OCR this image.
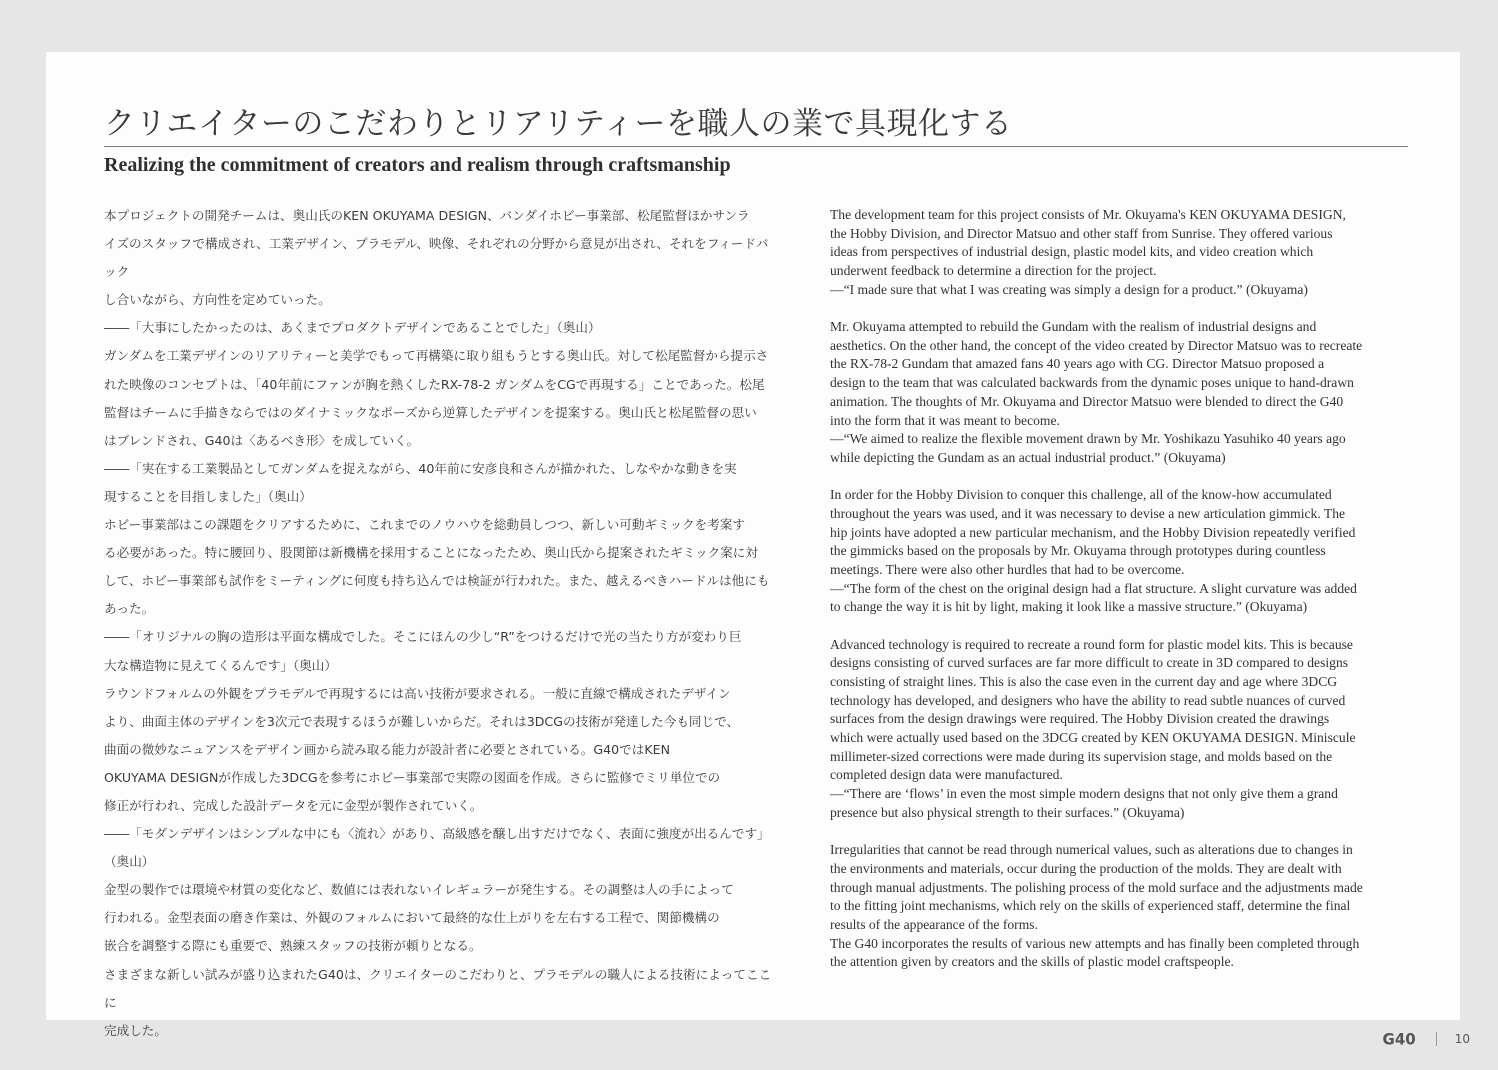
クリエイターのこだわりとリアリティーを職人の業で具現化する
Realizing the commitment of creators and realism through craftsmanship

本プロジェクトの開発チームは、奥山氏のKEN OKUYAMA DESIGN、バンダイホビー事業部、松尾監督ほかサンラ

イズのスタッフで構成され、工業デザイン、プラモデル、映像、それぞれの分野から意見が出され、それをフィードバック

し合いながら、方向性を定めていった。

――「大事にしたかったのは、あくまでプロダクトデザインであることでした」（奥山）

ガンダムを工業デザインのリアリティーと美学でもって再構築に取り組もうとする奥山氏。対して松尾監督から提示さ

れた映像のコンセプトは、「40年前にファンが胸を熱くしたRX-78-2 ガンダムをCGで再現する」ことであった。松尾

監督はチームに手描きならではのダイナミックなポーズから逆算したデザインを提案する。奥山氏と松尾監督の思い

はブレンドされ、G40は〈あるべき形〉を成していく。

――「実在する工業製品としてガンダムを捉えながら、40年前に安彦良和さんが描かれた、しなやかな動きを実

現することを目指しました」（奥山）

ホビー事業部はこの課題をクリアするために、これまでのノウハウを総動員しつつ、新しい可動ギミックを考案す

る必要があった。特に腰回り、股関節は新機構を採用することになったため、奥山氏から提案されたギミック案に対

して、ホビー事業部も試作をミーティングに何度も持ち込んでは検証が行われた。また、越えるべきハードルは他にも

あった。

――「オリジナルの胸の造形は平面な構成でした。そこにほんの少し“R”をつけるだけで光の当たり方が変わり巨

大な構造物に見えてくるんです」（奥山）

ラウンドフォルムの外観をプラモデルで再現するには高い技術が要求される。一般に直線で構成されたデザイン

より、曲面主体のデザインを3次元で表現するほうが難しいからだ。それは3DCGの技術が発達した今も同じで、

曲面の微妙なニュアンスをデザイン画から読み取る能力が設計者に必要とされている。G40ではKEN

OKUYAMA DESIGNが作成した3DCGを参考にホビー事業部で実際の図面を作成。さらに監修でミリ単位での

修正が行われ、完成した設計データを元に金型が製作されていく。

――「モダンデザインはシンプルな中にも〈流れ〉があり、高級感を醸し出すだけでなく、表面に強度が出るんです」

（奥山）

金型の製作では環境や材質の変化など、数値には表れないイレギュラーが発生する。その調整は人の手によって

行われる。金型表面の磨き作業は、外観のフォルムにおいて最終的な仕上がりを左右する工程で、関節機構の

嵌合を調整する際にも重要で、熟練スタッフの技術が頼りとなる。

さまざまな新しい試みが盛り込まれたG40は、クリエイターのこだわりと、プラモデルの職人による技術によってここに

完成した。

The development team for this project consists of Mr. Okuyama's KEN OKUYAMA DESIGN,

the Hobby Division, and Director Matsuo and other staff from Sunrise. They offered various

ideas from perspectives of industrial design, plastic model kits, and video creation which

underwent feedback to determine a direction for the project.

—“I made sure that what I was creating was simply a design for a product.” (Okuyama)

Mr. Okuyama attempted to rebuild the Gundam with the realism of industrial designs and

aesthetics. On the other hand, the concept of the video created by Director Matsuo was to recreate

the RX-78-2 Gundam that amazed fans 40 years ago with CG. Director Matsuo proposed a

design to the team that was calculated backwards from the dynamic poses unique to hand-drawn

animation. The thoughts of Mr. Okuyama and Director Matsuo were blended to direct the G40

into the form that it was meant to become.

—“We aimed to realize the flexible movement drawn by Mr. Yoshikazu Yasuhiko 40 years ago

while depicting the Gundam as an actual industrial product.” (Okuyama)

In order for the Hobby Division to conquer this challenge, all of the know-how accumulated

throughout the years was used, and it was necessary to devise a new articulation gimmick. The

hip joints have adopted a new particular mechanism, and the Hobby Division repeatedly verified

the gimmicks based on the proposals by Mr. Okuyama through prototypes during countless

meetings. There were also other hurdles that had to be overcome.

—“The form of the chest on the original design had a flat structure. A slight curvature was added

to change the way it is hit by light, making it look like a massive structure.” (Okuyama)

Advanced technology is required to recreate a round form for plastic model kits. This is because

designs consisting of curved surfaces are far more difficult to create in 3D compared to designs

consisting of straight lines. This is also the case even in the current day and age where 3DCG

technology has developed, and designers who have the ability to read subtle nuances of curved

surfaces from the design drawings were required. The Hobby Division created the drawings

which were actually used based on the 3DCG created by KEN OKUYAMA DESIGN. Miniscule

millimeter-sized corrections were made during its supervision stage, and molds based on the

completed design data were manufactured.

—“There are ‘flows’ in even the most simple modern designs that not only give them a grand

presence but also physical strength to their surfaces.” (Okuyama)

Irregularities that cannot be read through numerical values, such as alterations due to changes in

the environments and materials, occur during the production of the molds. They are dealt with

through manual adjustments. The polishing process of the mold surface and the adjustments made

to the fitting joint mechanisms, which rely on the skills of experienced staff, determine the final

results of the appearance of the forms.

The G40 incorporates the results of various new attempts and has finally been completed through

the attention given by creators and the skills of plastic model craftspeople.

G40	10
